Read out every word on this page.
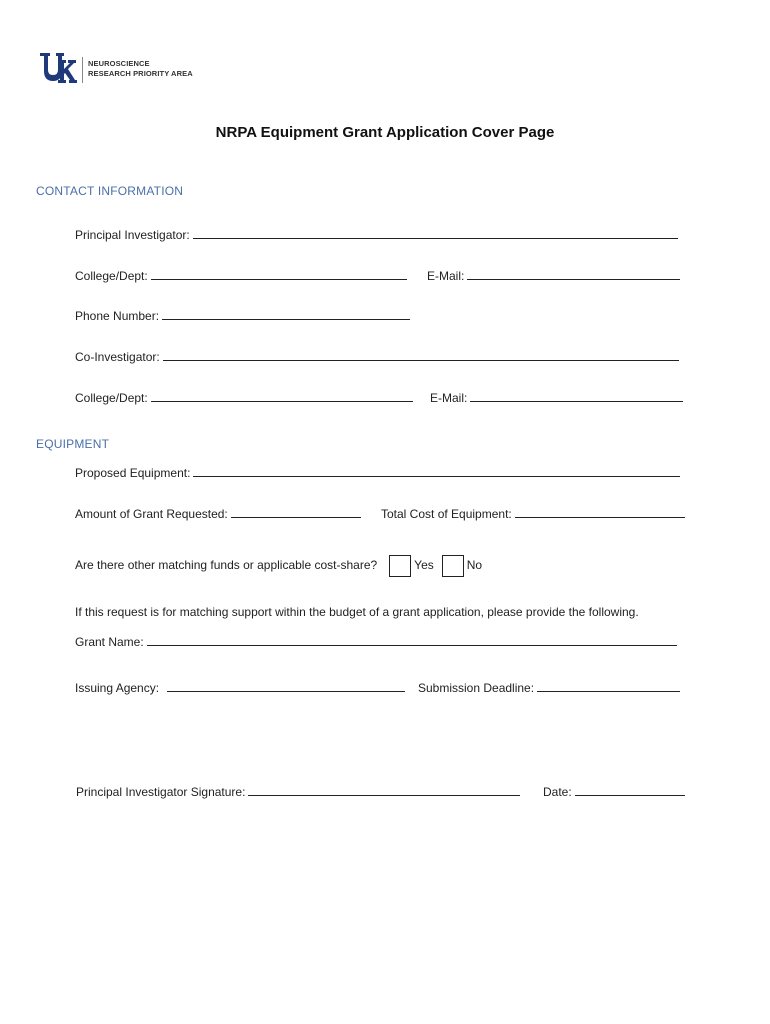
NEUROSCIENCE
RESEARCH PRIORITY AREA
NRPA Equipment Grant Application Cover Page
CONTACT INFORMATION
Principal Investigator:
College/Dept:	E-Mail:
Phone Number:
Co-Investigator:
College/Dept:	E-Mail:
EQUIPMENT
Proposed Equipment:
Amount of Grant Requested:	Total Cost of Equipment:
Are there other matching funds or applicable cost-share?	Yes	No
If this request is for matching support within the budget of a grant application, please provide the following.
Grant Name:
Issuing Agency:	Submission Deadline:
Principal Investigator Signature:	Date:
